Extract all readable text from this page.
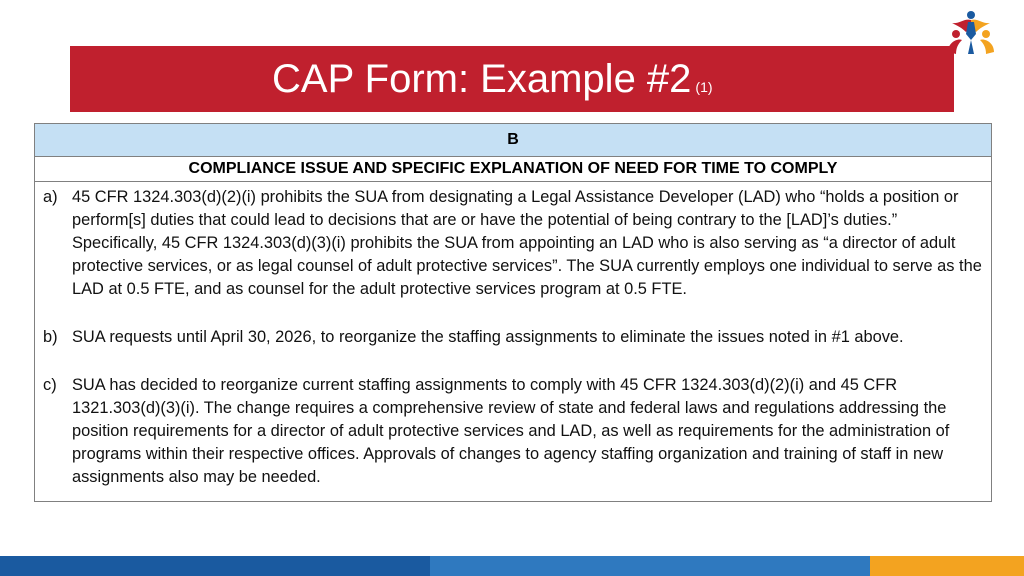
CAP Form: Example #2 (1)
B
COMPLIANCE ISSUE AND SPECIFIC EXPLANATION OF NEED FOR TIME TO COMPLY
a) 45 CFR 1324.303(d)(2)(i) prohibits the SUA from designating a Legal Assistance Developer (LAD) who “holds a position or perform[s] duties that could lead to decisions that are or have the potential of being contrary to the [LAD]’s duties.” Specifically, 45 CFR 1324.303(d)(3)(i) prohibits the SUA from appointing an LAD who is also serving as “a director of adult protective services, or as legal counsel of adult protective services”. The SUA currently employs one individual to serve as the LAD at 0.5 FTE, and as counsel for the adult protective services program at 0.5 FTE.
b) SUA requests until April 30, 2026, to reorganize the staffing assignments to eliminate the issues noted in #1 above.
c) SUA has decided to reorganize current staffing assignments to comply with 45 CFR 1324.303(d)(2)(i) and 45 CFR 1321.303(d)(3)(i). The change requires a comprehensive review of state and federal laws and regulations addressing the position requirements for a director of adult protective services and LAD, as well as requirements for the administration of programs within their respective offices. Approvals of changes to agency staffing organization and training of staff in new assignments also may be needed.
